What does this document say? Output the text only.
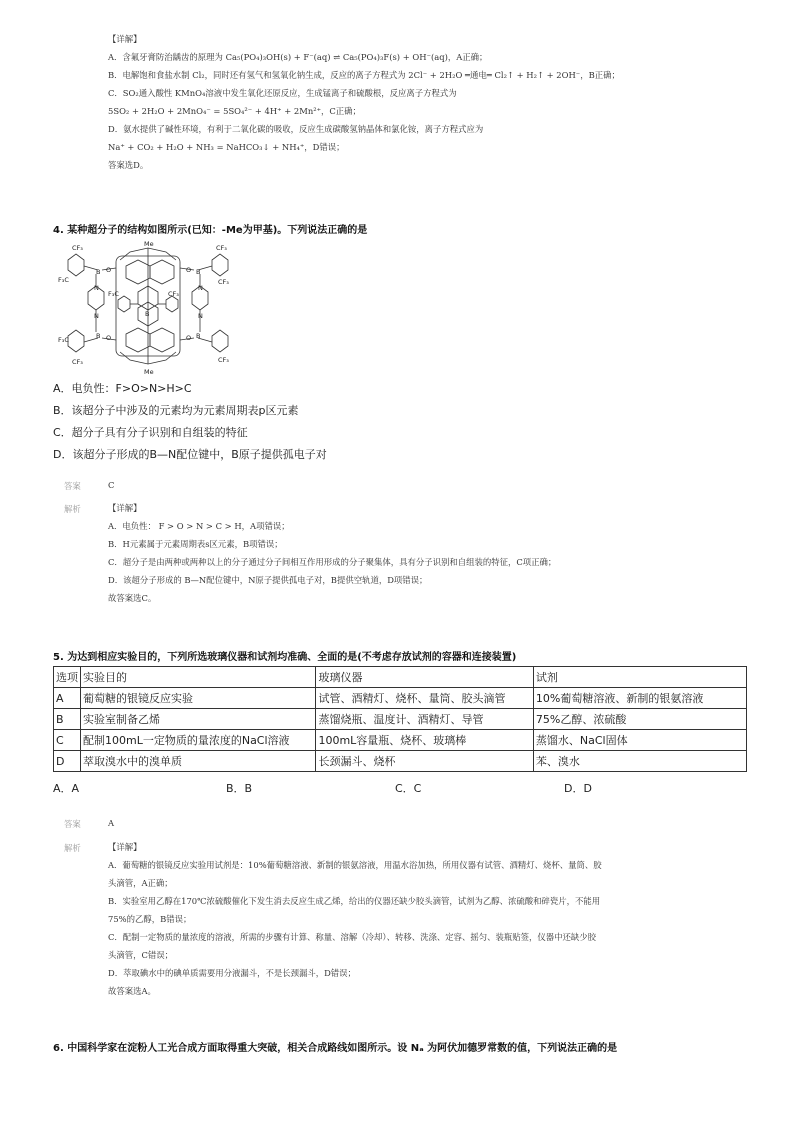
【详解】
A．含氟牙膏防治龋齿的原理为 Ca₅(PO₄)₃OH(s) + F⁻(aq) ⇌ Ca₅(PO₄)₃F(s) + OH⁻(aq)，A正确；
B．电解饱和食盐水制 Cl₂，同时还有氢气和氢氧化钠生成，反应的离子方程式为 2Cl⁻ + 2H₂O ═通电═ Cl₂↑ + H₂↑ + 2OH⁻，B正确；
C．SO₂通入酸性 KMnO₄溶液中发生氧化还原反应，生成锰离子和硫酸根，反应离子方程式为
5SO₂ + 2H₂O + 2MnO₄⁻ = 5SO₄²⁻ + 4H⁺ + 2Mn²⁺，C正确；
D．氨水提供了碱性环境，有利于二氧化碳的吸收，反应生成碳酸氢钠晶体和氯化铵，离子方程式应为
Na⁺ + CO₂ + H₂O + NH₃ = NaHCO₃↓ + NH₄⁺，D错误；
答案选D。
4. 某种超分子的结构如图所示(已知：-Me为甲基)。下列说法正确的是
Me
Me
CF₃	CF₃
F₃C	CF₃
F₃C
CF₃
CF₃
F₃C	CF₃
B	B
B	B
B
O	O
O	O
N	N
N	N
A．电负性：F>O>N>H>C
B．该超分子中涉及的元素均为元素周期表p区元素
C．超分子具有分子识别和自组装的特征
D．该超分子形成的B—N配位键中，B原子提供孤电子对
答案	C
解析	【详解】
A．电负性： F > O > N > C > H，A项错误；
B．H元素属于元素周期表s区元素，B项错误；
C．超分子是由两种或两种以上的分子通过分子间相互作用形成的分子聚集体，具有分子识别和自组装的特征，C项正确；
D．该超分子形成的 B—N配位键中，N原子提供孤电子对，B提供空轨道，D项错误；
故答案选C。
5. 为达到相应实验目的，下列所选玻璃仪器和试剂均准确、全面的是(不考虑存放试剂的容器和连接装置)
选项	实验目的	玻璃仪器	试剂
A	葡萄糖的银镜反应实验	试管、酒精灯、烧杯、量筒、胶头滴管	10%葡萄糖溶液、新制的银氨溶液
B	实验室制备乙烯	蒸馏烧瓶、温度计、酒精灯、导管	75%乙醇、浓硫酸
C	配制100mL一定物质的量浓度的NaCl溶液	100mL容量瓶、烧杯、玻璃棒	蒸馏水、NaCl固体
D	萃取溴水中的溴单质	长颈漏斗、烧杯	苯、溴水
A．A	B．B	C．C	D．D
答案	A
解析	【详解】
A．葡萄糖的银镜反应实验用试剂是：10%葡萄糖溶液、新制的银氨溶液，用温水浴加热，所用仪器有试管、酒精灯、烧杯、量筒、胶
头滴管，A正确；
B．实验室用乙醇在170℃浓硫酸催化下发生消去反应生成乙烯，给出的仪器还缺少胶头滴管，试剂为乙醇、浓硫酸和碎瓷片，不能用
75%的乙醇，B错误；
C．配制一定物质的量浓度的溶液，所需的步骤有计算、称量、溶解（冷却）、转移、洗涤、定容、摇匀、装瓶贴签，仪器中还缺少胶
头滴管，C错误；
D．萃取碘水中的碘单质需要用分液漏斗，不是长颈漏斗，D错误；
故答案选A。
6. 中国科学家在淀粉人工光合成方面取得重大突破，相关合成路线如图所示。设 Nₐ 为阿伏加德罗常数的值，下列说法正确的是
